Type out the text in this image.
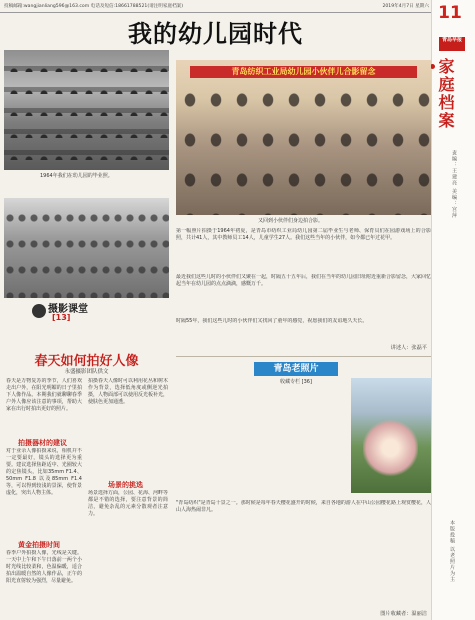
投稿邮箱:wangjianliang596@163.com 电话及短信:18661788521(请注明家庭档案)	2019年4月7日 星期六 11
青岛早报
家庭档案
责编：王建亮 美编：宫萍
本版投稿 以老照片为主
我的幼儿园时代
1964年我们在幼儿园的毕业照。
青岛纺织工业局幼儿园小伙伴儿合影留念
又回到小伙伴们身边拍合影。
摄影课堂
[13]
春天如何拍好人像
永盛摄影团队供文
春天是万物复苏的季节，人们喜欢走出户外，在阳光明媚的日子里拍下人像作品。本期我们就聊聊春季户外人像应该注意的事项，帮助大家在出行时拍出更好的照片。
拍摄器材的建议
对于业余人像拍摄来说，相机并不一定要最好，镜头的选择更为重要。建议选择焦距适中、光圈较大的定焦镜头，比如35mm F1.4、50mm F1.8 以及85mm F1.4 等，可以得到较浅的景深，使背景虚化，突出人物主体。
黄金拍摄时间
春季户外拍摄人像，光线是关键。一天中上午和下午日落前一两个小时光线比较柔和，色温偏暖，适合拍出温暖自然的人像作品，正午的阳光直射较为强烈，尽量避免。
拍摄春天人像时可以利用花丛和树木作为背景，选择低角度或侧逆光拍摄，人物面部可以使用反光板补光，使肤色更加通透。
场景的挑选
场景选择方面，公园、花海、河畔等都是不错的选择，要注意背景的简洁，避免杂乱的元素分散观者注意力。
第一幅照片拍摄于1964年初夏，是青岛市纺织工业局幼儿园第二届毕业生与老师、保育员们在园游戏场上的合影照，共计41人，其中教师员工14人，儿童学生27人。我们这些当年的小伙伴，如今都已年过花甲。
最近我们这些儿时的小伙伴们又聚在一起，时隔五十五年后，我们在当年的幼儿园旧址附近重新合影留念，大家回忆起当年在幼儿园的点点滴滴，感慨万千。
时隔55年，我们这些儿时的小伙伴们又找回了童年的感觉，祝愿我们的友谊地久天长。
讲述人：张磊平
青岛老照片
收藏专栏 [36]
"青岛纺织"是青岛十景之一。那时候是每年春天樱花盛开的时候，来自各地的游人在中山公园樱花路上观赏樱花，人山人海热闹非凡。
图片收藏者：温丽洁
